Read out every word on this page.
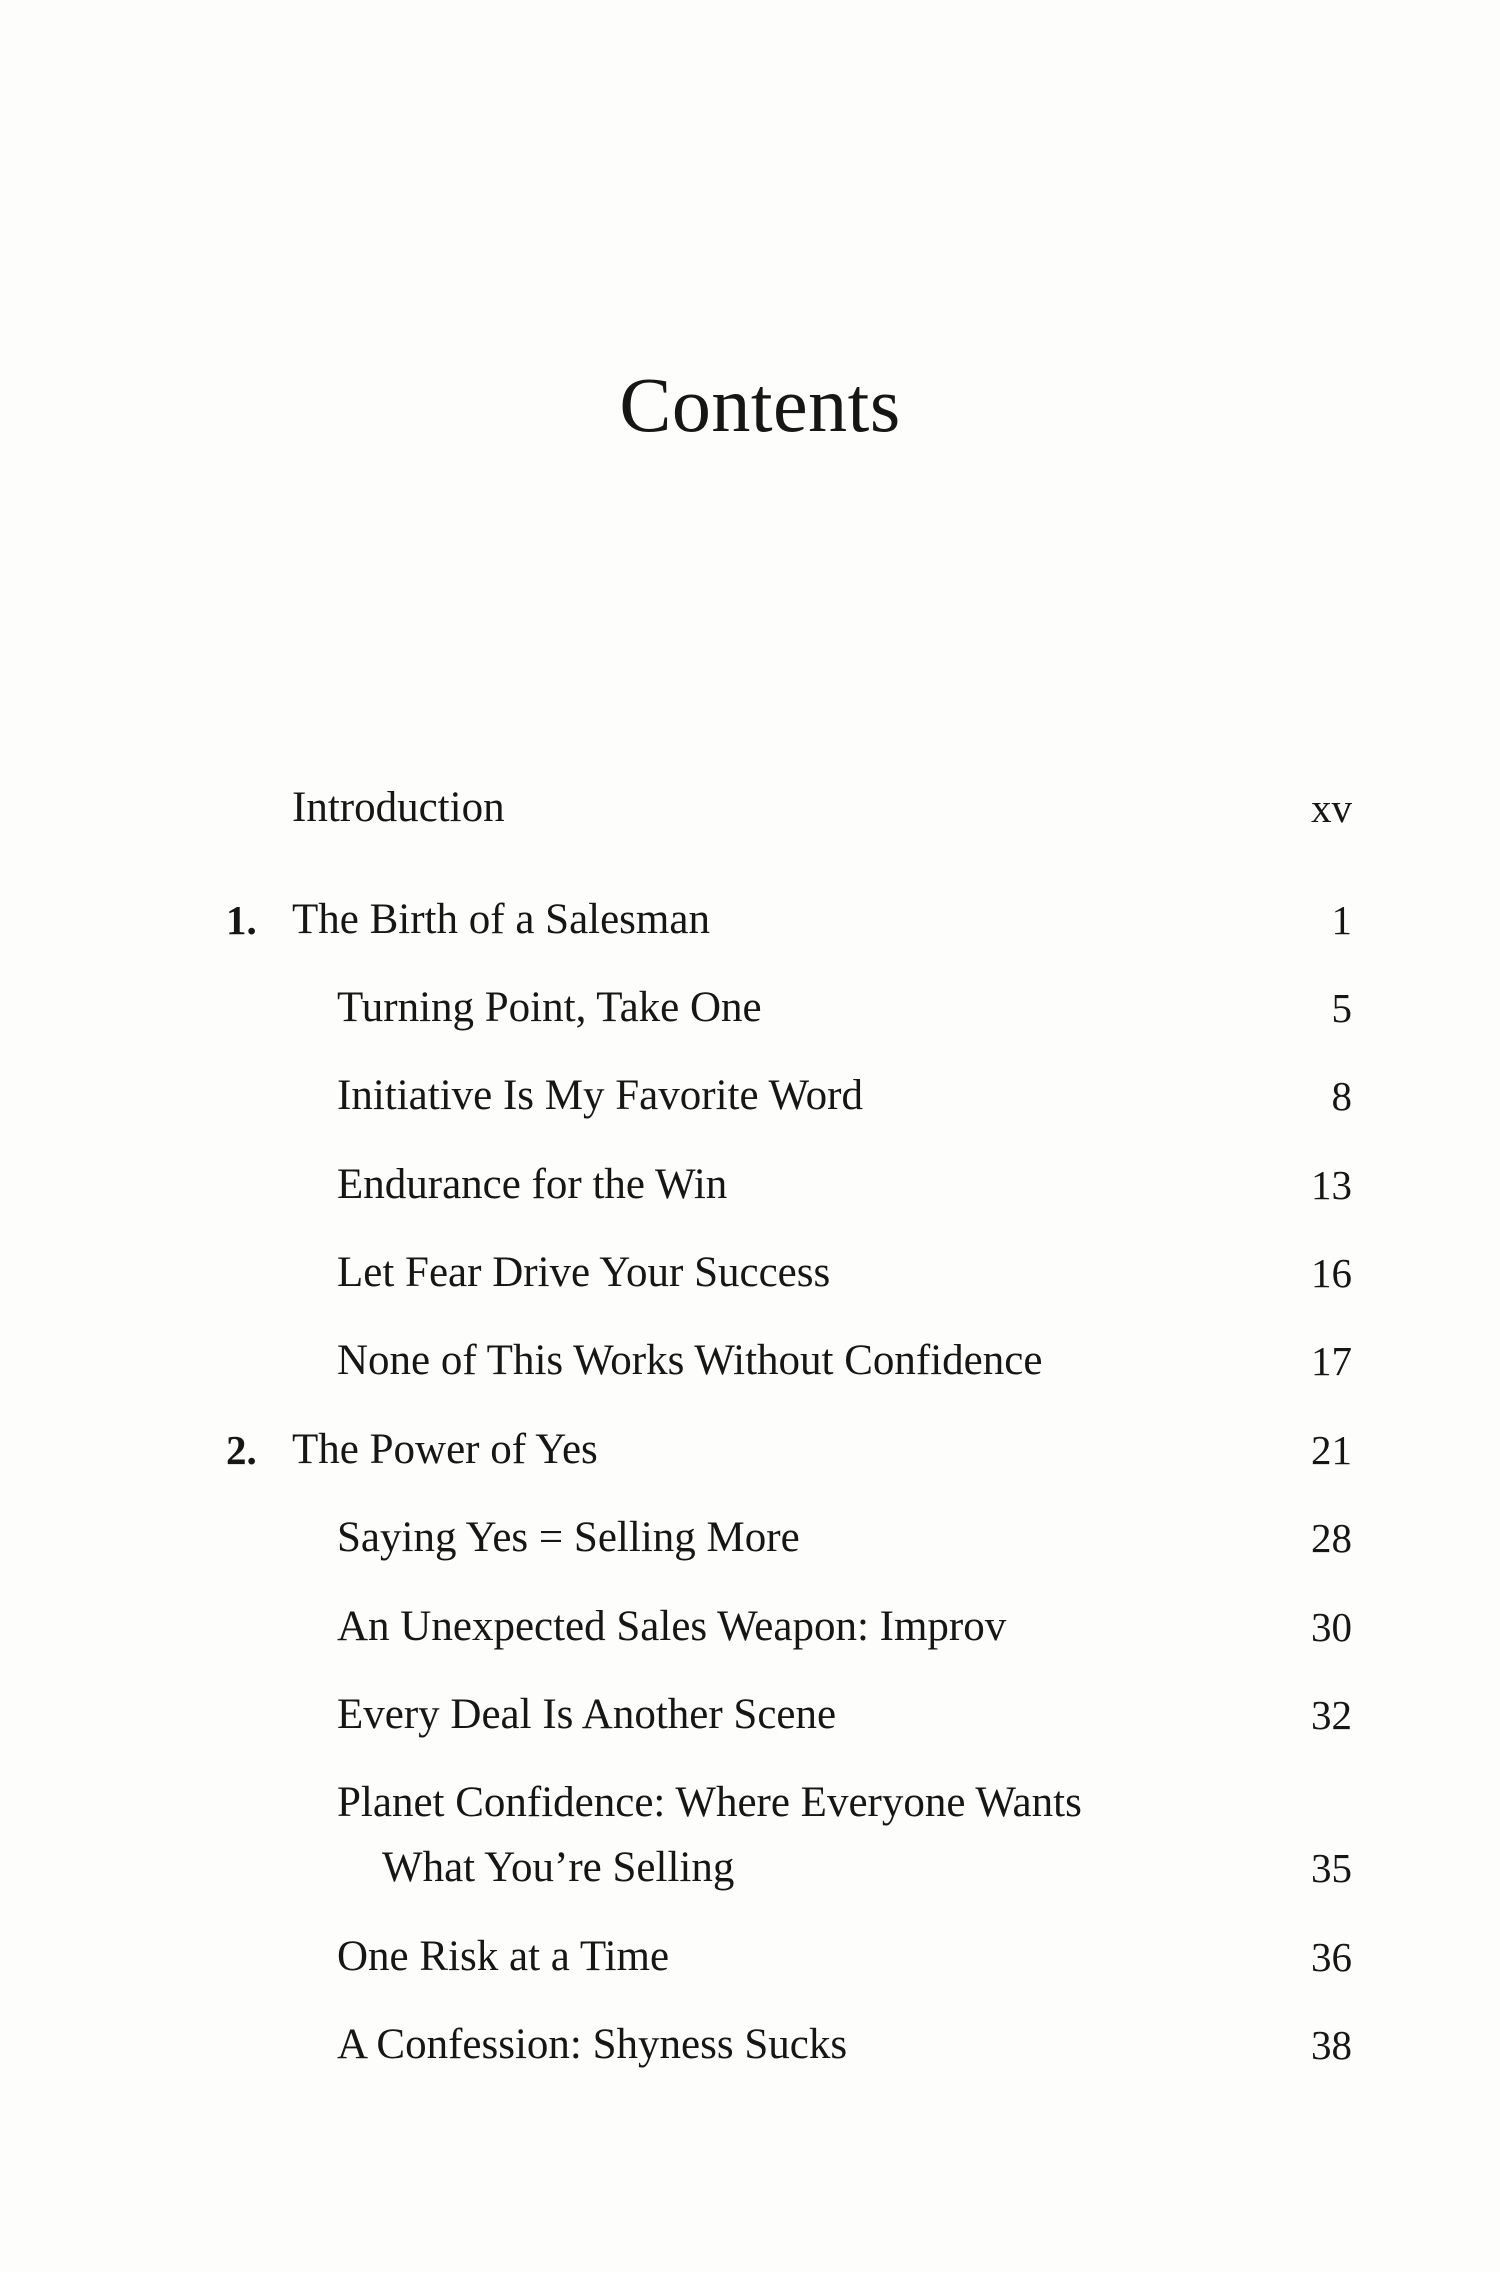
Contents
Introduction	xv
1. The Birth of a Salesman	1
Turning Point, Take One	5
Initiative Is My Favorite Word	8
Endurance for the Win	13
Let Fear Drive Your Success	16
None of This Works Without Confidence	17
2. The Power of Yes	21
Saying Yes = Selling More	28
An Unexpected Sales Weapon: Improv	30
Every Deal Is Another Scene	32
Planet Confidence: Where Everyone Wants
What You’re Selling	35
One Risk at a Time	36
A Confession: Shyness Sucks	38
